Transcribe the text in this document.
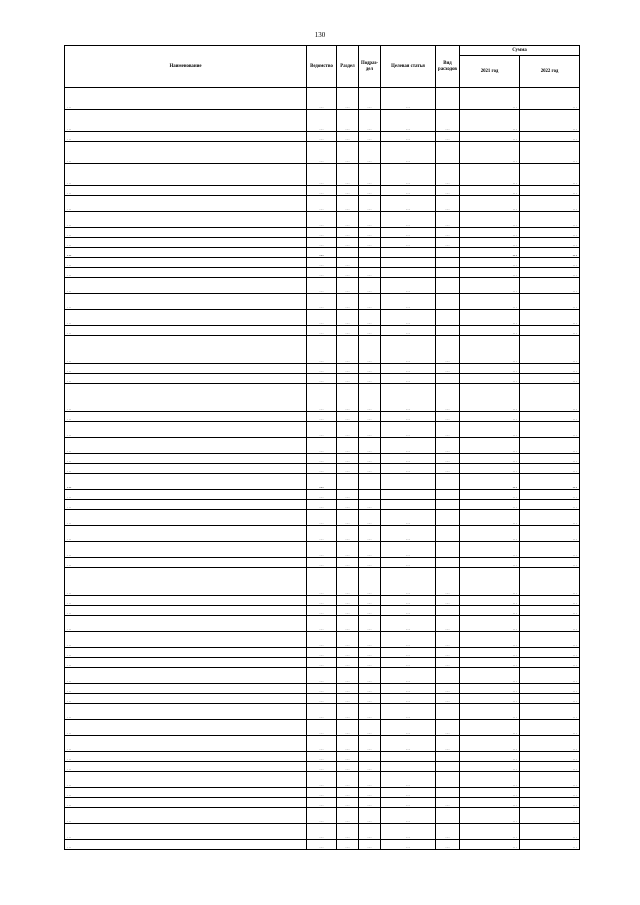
130
Наименование	Ведомство	Раздел	Подраз-дел	Целевая статья	Вид расходов	Сумма	
						2021 год	2022 год
…	…	…	…	…		…	…
…	…	…	…	…	…	…	…
…	…	…	…	…	…	…	…
…	…	…	…	…		…	…
…	…	…	…	…	…	…	…
…	…	…	…	…	…	…	…
…	…	…	…	…	…	…	…
…	…	…	…	…	…	…	…
…	…	…	…	…	…	…	…
…	…	…	…	…	…	…	…
…	…					…	…
…	…	…				…	…
…	…	…	…			…	…
…	…	…	…	…		…	…
…	…	…	…	…		…	…
…	…	…	…	…		…	…
…	…	…	…	…		…	…
…	…	…	…	…	…	…	…
…	…	…	…	…	…	…	…
…	…	…	…	…		…	…
…	…	…	…	…	…	…	…
…	…	…	…	…	…	…	…
…	…	…	…	…	…	…	…
…	…	…	…	…	…	…	…
…	…	…	…	…	…	…	…
…	…	…	…	…	…	…	…
…	…					…	…
…	…	…				…	…
…	…	…	…			…	…
…	…	…	…	…		…	…
…	…	…	…	…		…	…
…	…	…	…	…		…	…
…	…	…	…	…		…	…
…	…	…	…	…	…	…	…
…	…	…	…	…	…	…	…
…	…	…	…	…		…	…
…	…	…	…	…	…	…	…
…	…	…	…	…	…	…	…
…	…	…	…	…	…	…	…
…	…	…	…	…	…	…	…
…	…	…	…	…		…	…
…	…	…	…	…	…	…	…
…	…	…	…	…	…	…	…
…	…	…	…	…		…	…
…	…	…	…	…	…	…	…
…	…	…	…	…	…	…	…
…	…	…				…	…
…	…	…	…			…	…
…	…	…	…	…		…	…
…	…	…	…	…		…	…
…	…	…	…	…	…	…	…
…	…	…	…	…		…	…
…	…	…	…	…	…	…	…
…	…	…	…	…	…	…	…
